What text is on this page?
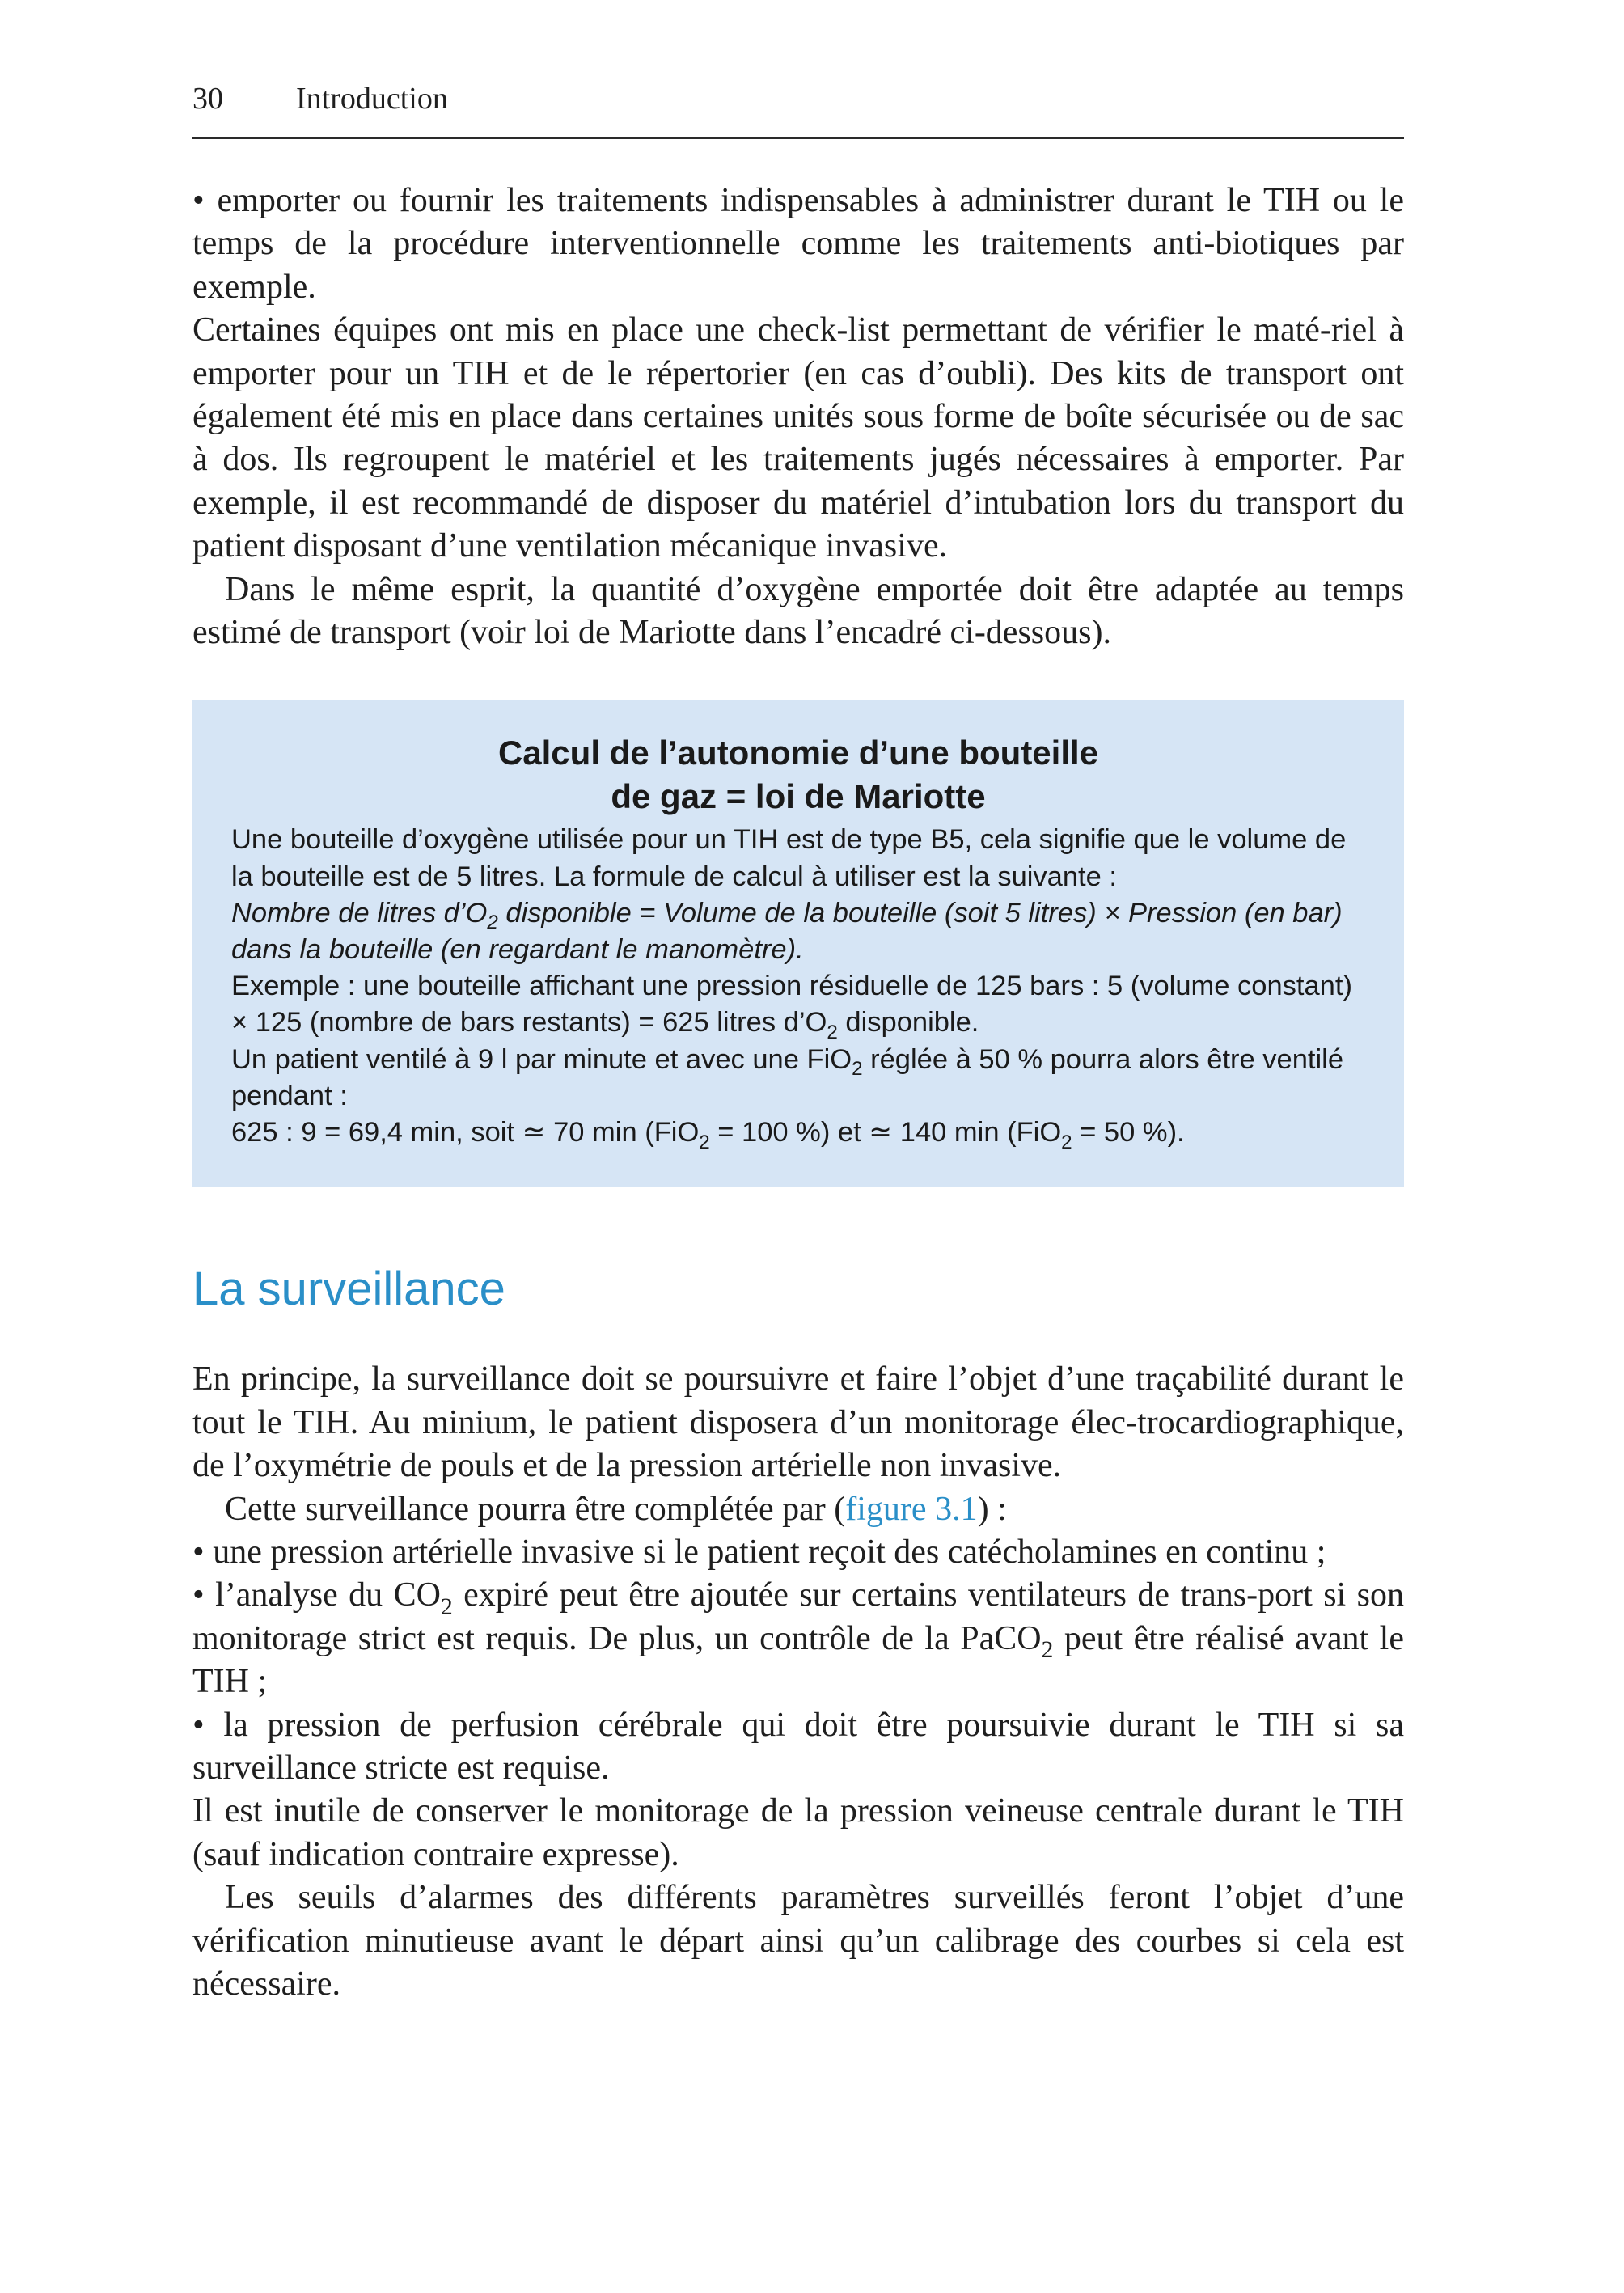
30	Introduction

• emporter ou fournir les traitements indispensables à administrer durant le TIH ou le temps de la procédure interventionnelle comme les traitements anti-biotiques par exemple.

Certaines équipes ont mis en place une check-list permettant de vérifier le maté-riel à emporter pour un TIH et de le répertorier (en cas d’oubli). Des kits de transport ont également été mis en place dans certaines unités sous forme de boîte sécurisée ou de sac à dos. Ils regroupent le matériel et les traitements jugés nécessaires à emporter. Par exemple, il est recommandé de disposer du matériel d’intubation lors du transport du patient disposant d’une ventilation mécanique invasive.

Dans le même esprit, la quantité d’oxygène emportée doit être adaptée au temps estimé de transport (voir loi de Mariotte dans l’encadré ci-dessous).

Calcul de l’autonomie d’une bouteille
de gaz = loi de Mariotte

Une bouteille d’oxygène utilisée pour un TIH est de type B5, cela signifie que le volume de la bouteille est de 5 litres. La formule de calcul à utiliser est la suivante :

Nombre de litres $d’O_2$ disponible = Volume de la bouteille (soit 5 litres) × Pression (en bar) dans la bouteille (en regardant le manomètre).

Exemple : une bouteille affichant une pression résiduelle de 125 bars : 5 (volume constant) × 125 (nombre de bars restants) = 625 litres $d’O_2$ disponible.

Un patient ventilé à 9 l par minute et avec une FiO$_2$ réglée à 50 % pourra alors être ventilé pendant :

625 : 9 = 69,4 min, soit ≃ 70 min (FiO$_2$ = 100 %) et ≃ 140 min (FiO$_2$ = 50 %).

La surveillance

En principe, la surveillance doit se poursuivre et faire l’objet d’une traçabilité durant le tout le TIH. Au minium, le patient disposera d’un monitorage élec-trocardiographique, de l’oxymétrie de pouls et de la pression artérielle non invasive.

Cette surveillance pourra être complétée par (figure 3.1) :

• une pression artérielle invasive si le patient reçoit des catécholamines en continu ;

• l’analyse du $CO_2$ expiré peut être ajoutée sur certains ventilateurs de trans-port si son monitorage strict est requis. De plus, un contrôle de la PaCO$_2$ peut être réalisé avant le TIH ;

• la pression de perfusion cérébrale qui doit être poursuivie durant le TIH si sa surveillance stricte est requise.

Il est inutile de conserver le monitorage de la pression veineuse centrale durant le TIH (sauf indication contraire expresse).

Les seuils d’alarmes des différents paramètres surveillés feront l’objet d’une vérification minutieuse avant le départ ainsi qu’un calibrage des courbes si cela est nécessaire.
